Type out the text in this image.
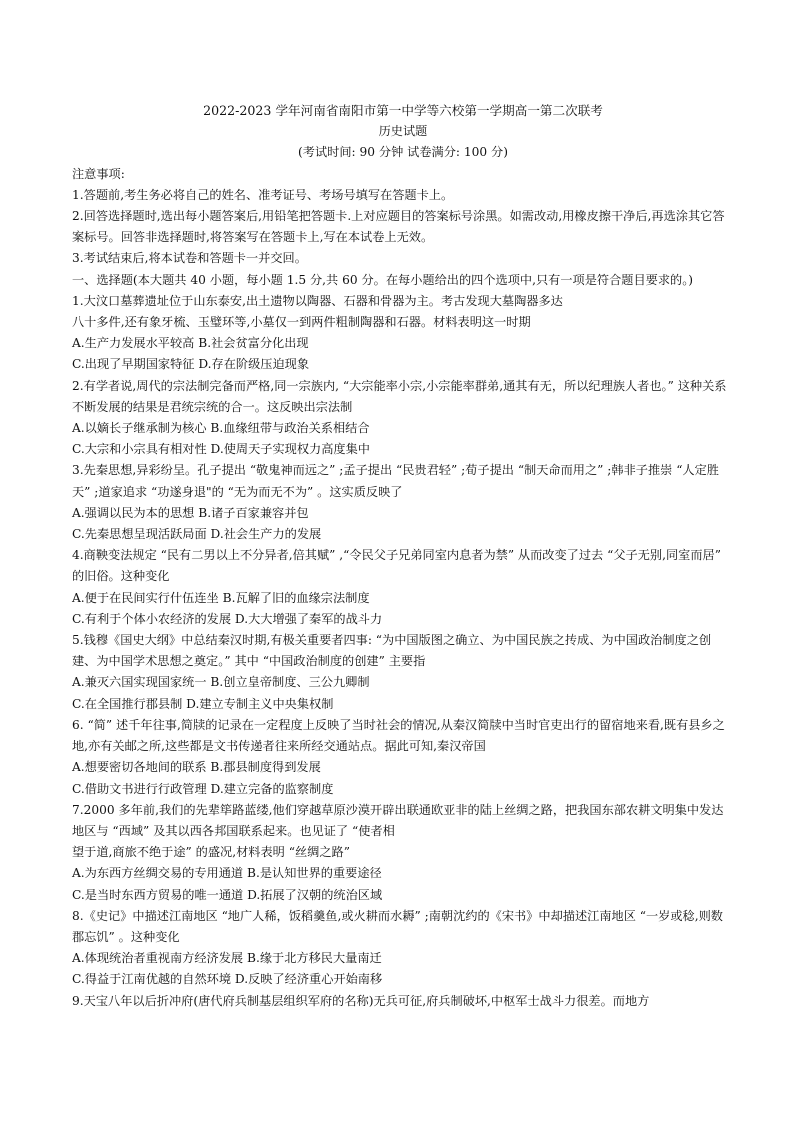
2022-2023 学年河南省南阳市第一中学等六校第一学期高一第二次联考
历史试题
(考试时间: 90 分钟 试卷满分: 100 分)
注意事项:
1.答题前,考生务必将自己的姓名、准考证号、考场号填写在答题卡上。
2.回答选择题时,选出每小题答案后,用铅笔把答题卡.上对应题目的答案标号涂黑。如需改动,用橡皮擦干净后,再选涂其它答案标号。回答非选择题时,将答案写在答题卡上,写在本试卷上无效。
3.考试结束后,将本试卷和答题卡一并交回。
一、选择题(本大题共 40 小题，每小题 1.5 分,共 60 分。在每小题给出的四个选项中,只有一项是符合题目要求的。)
1.大汶口墓葬遗址位于山东泰安,出土遗物以陶器、石器和骨器为主。考古发现大墓陶器多达
八十多件,还有象牙梳、玉璧环等,小墓仅一到两件粗制陶器和石器。材料表明这一时期
A.生产力发展水平较高 B.社会贫富分化出现
C.出现了早期国家特征 D.存在阶级压迫现象
2.有学者说,周代的宗法制完备而严格,同一宗族内, “大宗能率小宗,小宗能率群弟,通其有无，所以纪理族人者也。” 这种关系不断发展的结果是君统宗统的合一。这反映出宗法制
A.以嫡长子继承制为核心 B.血缘纽带与政治关系相结合
C.大宗和小宗具有相对性 D.使周天子实现权力高度集中
3.先秦思想,异彩纷呈。孔子提出 “敬鬼神而远之” ;孟子提出 “民贵君轻” ;荀子提出 “制天命而用之” ;韩非子推崇 “人定胜天” ;道家追求 “功遂身退"的 “无为而无不为” 。这实质反映了
A.强调以民为本的思想 B.诸子百家兼容并包
C.先秦思想呈现活跃局面 D.社会生产力的发展
4.商鞅变法规定 “民有二男以上不分异者,倍其赋” ,“令民父子兄弟同室内息者为禁” 从而改变了过去 “父子无别,同室而居” 的旧俗。这种变化
A.便于在民间实行什伍连坐 B.瓦解了旧的血缘宗法制度
C.有利于个体小农经济的发展 D.大大增强了秦军的战斗力
5.钱穆《国史大纲》中总结秦汉时期,有极关重要者四事: “为中国版图之确立、为中国民族之抟成、为中国政治制度之创建、为中国学术思想之奠定。” 其中 “中国政治制度的创建” 主要指
A.兼灭六国实现国家统一 B.创立皇帝制度、三公九卿制
C.在全国推行郡县制 D.建立专制主义中央集权制
6. “简” 述千年往事,简牍的记录在一定程度上反映了当时社会的情况,从秦汉简牍中当时官吏出行的留宿地来看,既有县乡之地,亦有关邮之所,这些都是文书传递者往来所经交通站点。据此可知,秦汉帝国
A.想要密切各地间的联系 B.郡县制度得到发展
C.借助文书进行行政管理 D.建立完备的监察制度
7.2000 多年前,我们的先辈筚路蓝缕,他们穿越草原沙漠开辟出联通欧亚非的陆上丝绸之路，把我国东部农耕文明集中发达地区与 “西域” 及其以西各邦国联系起来。也见证了 “使者相
望于道,商旅不绝于途” 的盛况,材料表明 “丝绸之路”
A.为东西方丝绸交易的专用通道 B.是认知世界的重要途径
C.是当时东西方贸易的唯一通道 D.拓展了汉朝的统治区域
8.《史记》中描述江南地区 “地广人稀，饭稻羹鱼,或火耕而水耨” ;南朝沈约的《宋书》中却描述江南地区 “一岁或稔,则数郡忘饥” 。这种变化
A.体现统治者重视南方经济发展 B.缘于北方移民大量南迁
C.得益于江南优越的自然环境 D.反映了经济重心开始南移
9.天宝八年以后折冲府(唐代府兵制基层组织军府的名称)无兵可征,府兵制破坏,中枢军士战斗力很差。而地方
